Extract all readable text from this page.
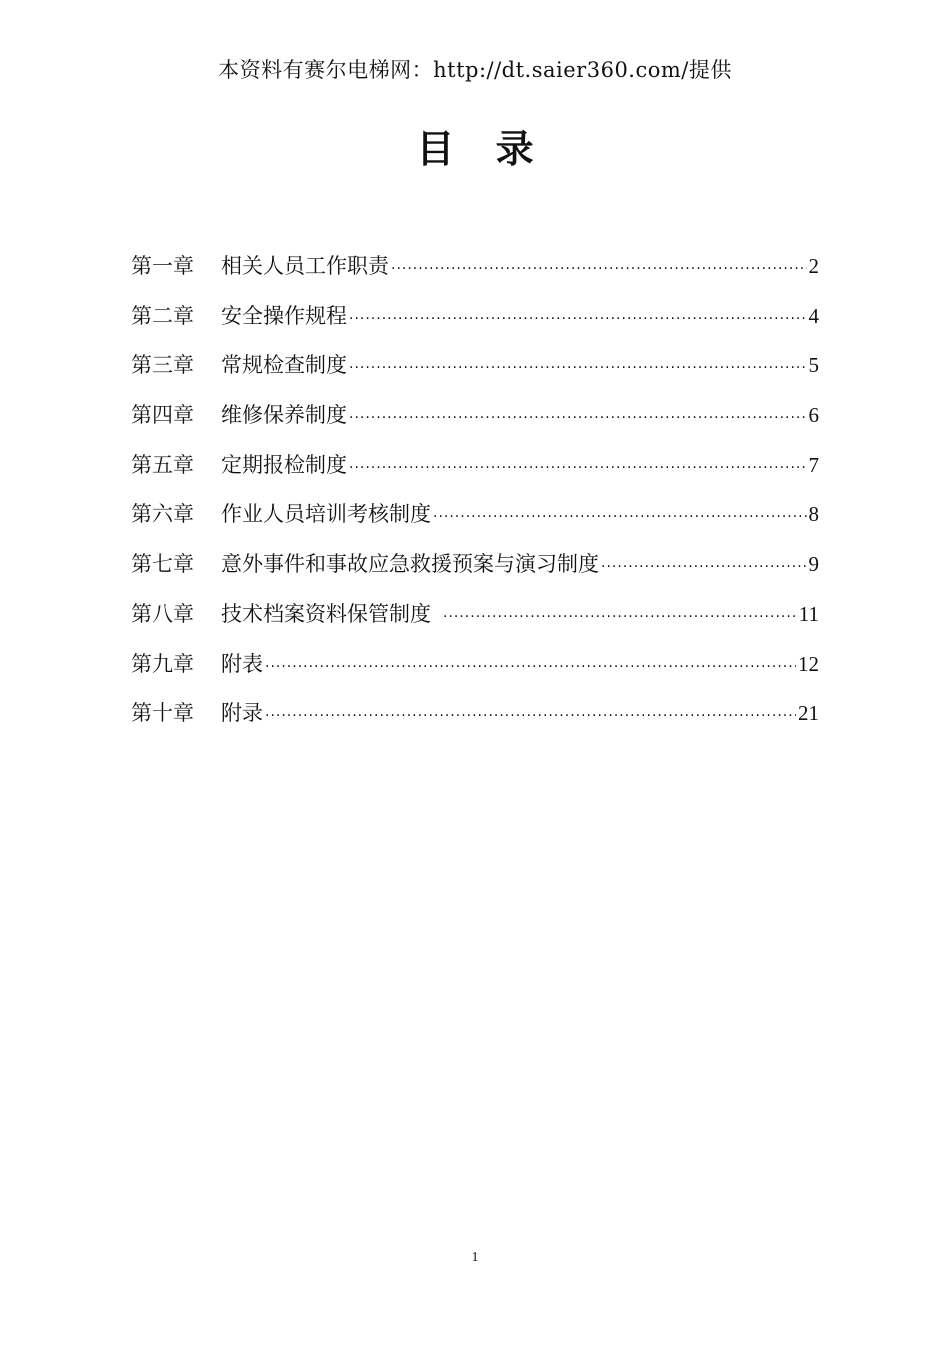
本资料有赛尔电梯网：http://dt.saier360.com/提供
目 录
第一章	相关人员工作职责 ·····	2
第二章	安全操作规程 ·····	4
第三章	常规检查制度 ·····	5
第四章	维修保养制度 ·····	6
第五章	定期报检制度 ·····	7
第六章	作业人员培训考核制度 ·····	8
第七章	意外事件和事故应急救援预案与演习制度 ·····	9
第八章	技术档案资料保管制度 ·····	11
第九章	附表 ·····	12
第十章	附录 ·····	21
1
